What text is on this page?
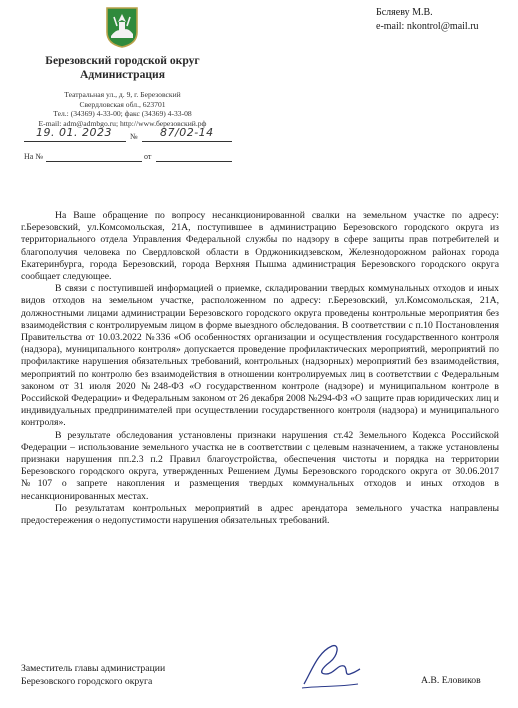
Березовский городской округ
Администрация
Театральная ул., д. 9, г. Березовский
Свердловская обл., 623701
Тел.: (34369) 4-33-00; факс (34369) 4-33-08
E-mail: adm@admbgo.ru; http://www.березовский.рф
19. 01. 2023 № 87/02-14
На №	от
Бсляеву М.В.
e-mail: nkontrol@mail.ru

На Ваше обращение по вопросу несанкционированной свалки на земельном участке по адресу: г.Березовский, ул.Комсомольская, 21А, поступившее в администрацию Березовского городского округа из территориального отдела Управления Федеральной службы по надзору в сфере защиты прав потребителей и благополучия человека по Свердловской области в Орджоникидзевском, Железнодорожном районах города Екатеринбурга, города Березовский, города Верхняя Пышма администрация Березовского городского округа сообщает следующее.

В связи с поступившей информацией о приемке, складировании твердых коммунальных отходов и иных видов отходов на земельном участке, расположенном по адресу: г.Березовский, ул.Комсомольская, 21А, должностными лицами администрации Березовского городского округа проведены контрольные мероприятия без взаимодействия с контролируемым лицом в форме выездного обследования. В соответствии с п.10 Постановления Правительства от 10.03.2022 №336 «Об особенностях организации и осуществления государственного контроля (надзора), муниципального контроля» допускается проведение профилактических мероприятий, мероприятий по профилактике нарушения обязательных требований, контрольных (надзорных) мероприятий без взаимодействия, мероприятий по контролю без взаимодействия в отношении контролируемых лиц в соответствии с Федеральным законом от 31 июля 2020 №248-ФЗ «О государственном контроле (надзоре) и муниципальном контроле в Российской Федерации» и Федеральным законом от 26 декабря 2008 №294-ФЗ «О защите прав юридических лиц и индивидуальных предпринимателей при осуществлении государственного контроля (надзора) и муниципального контроля».

В результате обследования установлены признаки нарушения ст.42 Земельного Кодекса Российской Федерации – использование земельного участка не в соответствии с целевым назначением, а также установлены признаки нарушения пп.2.3 п.2 Правил благоустройства, обеспечения чистоты и порядка на территории Березовского городского округа, утвержденных Решением Думы Березовского городского округа от 30.06.2017 №107 о запрете накопления и размещения твердых коммунальных отходов и иных отходов в несанкционированных местах.

По результатам контрольных мероприятий в адрес арендатора земельного участка направлены предостережения о недопустимости нарушения обязательных требований.

Заместитель главы администрации
Березовского городского округа	А.В. Еловиков
